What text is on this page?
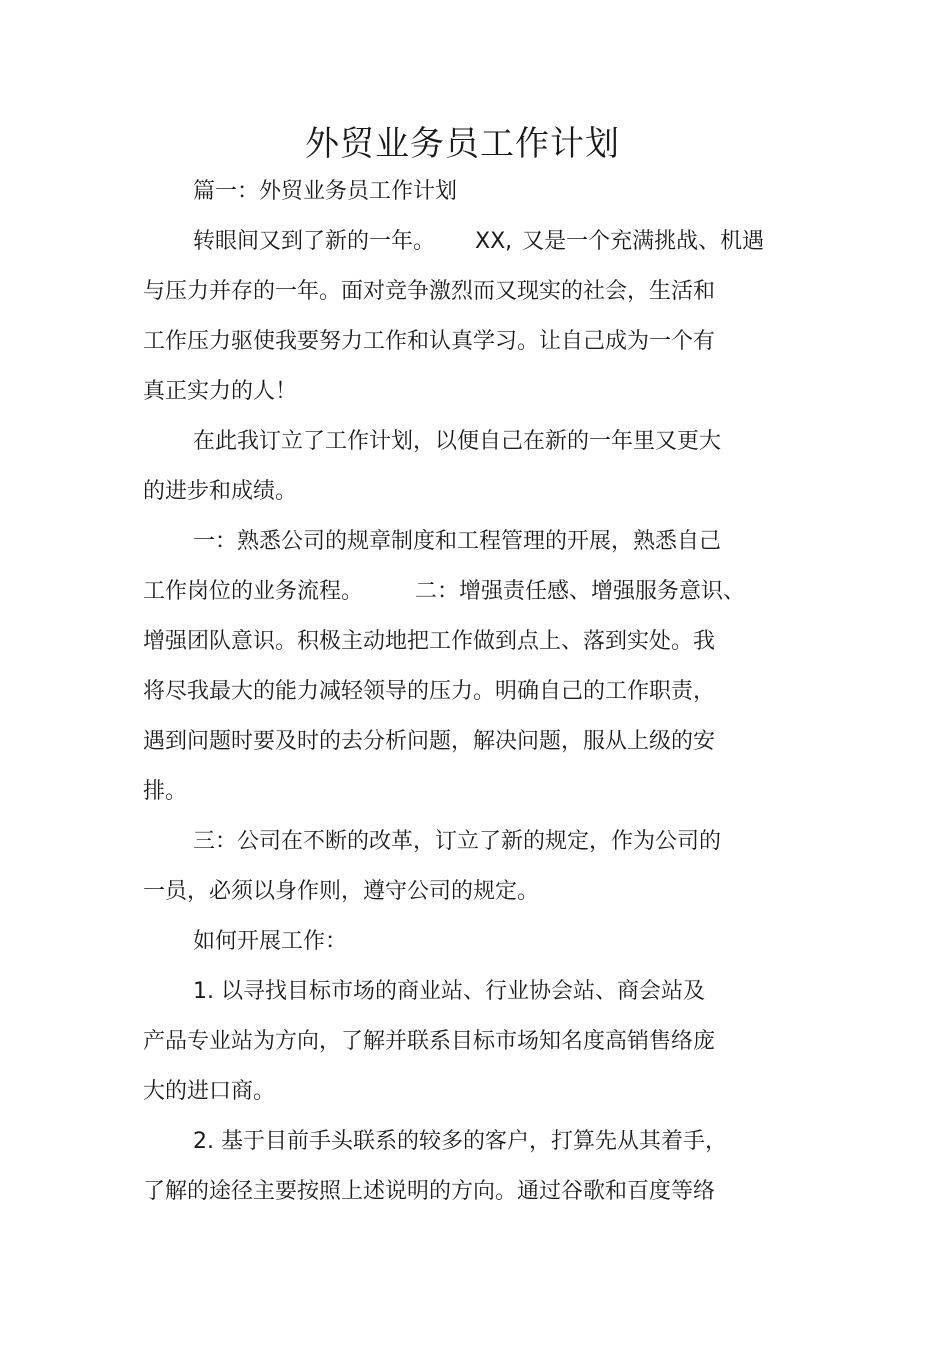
外贸业务员工作计划

篇一：外贸业务员工作计划

转眼间又到了新的一年。 XX, 又是一个充满挑战、机遇

与压力并存的一年。面对竞争激烈而又现实的社会，生活和

工作压力驱使我要努力工作和认真学习。让自己成为一个有

真正实力的人！

在此我订立了工作计划，以便自己在新的一年里又更大

的进步和成绩。

一：熟悉公司的规章制度和工程管理的开展，熟悉自己

工作岗位的业务流程。 二：增强责任感、增强服务意识、

增强团队意识。积极主动地把工作做到点上、落到实处。我

将尽我最大的能力减轻领导的压力。明确自己的工作职责，

遇到问题时要及时的去分析问题，解决问题，服从上级的安

排。

三：公司在不断的改革，订立了新的规定，作为公司的

一员，必须以身作则，遵守公司的规定。

如何开展工作：

1. 以寻找目标市场的商业站、行业协会站、商会站及

产品专业站为方向，了解并联系目标市场知名度高销售络庞

大的进口商。

2. 基于目前手头联系的较多的客户，打算先从其着手，

了解的途径主要按照上述说明的方向。通过谷歌和百度等络
